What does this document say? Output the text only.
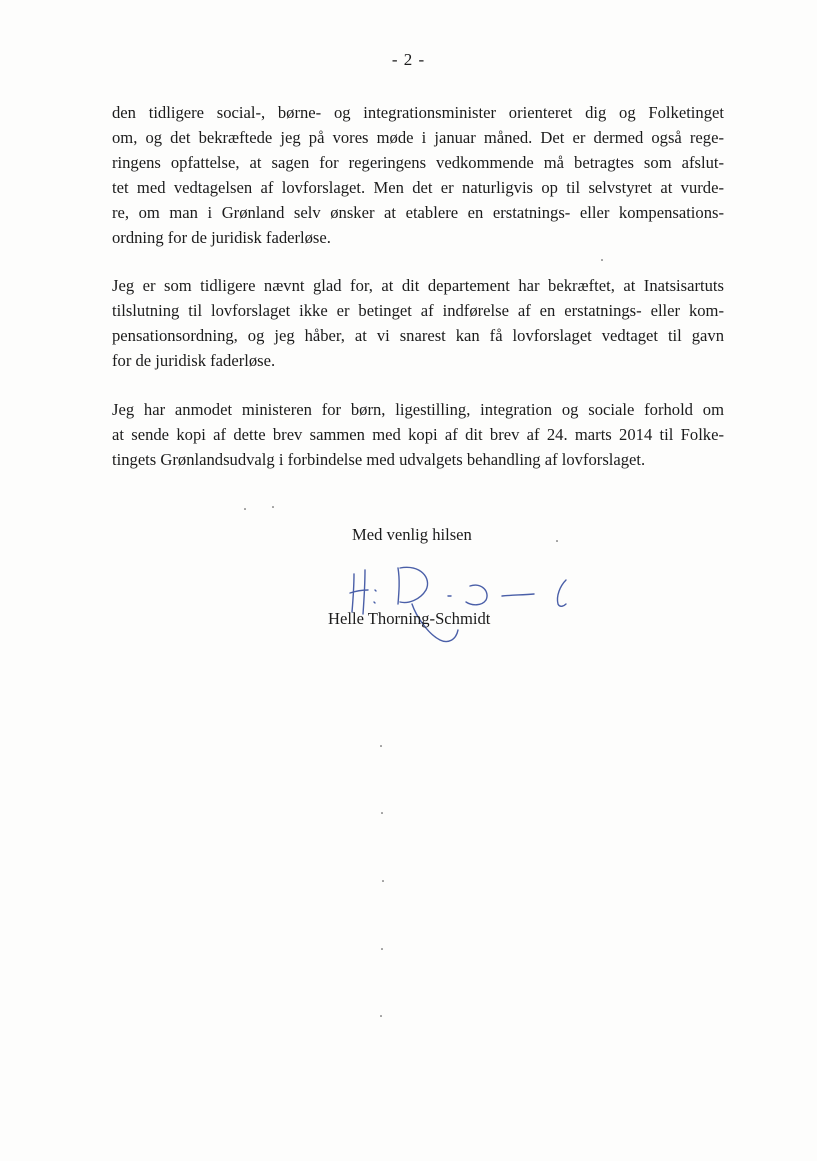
- 2 -
den tidligere social-, børne- og integrationsminister orienteret dig og Folketinget
om, og det bekræftede jeg på vores møde i januar måned. Det er dermed også rege-
ringens opfattelse, at sagen for regeringens vedkommende må betragtes som afslut-
tet med vedtagelsen af lovforslaget. Men det er naturligvis op til selvstyret at vurde-
re, om man i Grønland selv ønsker at etablere en erstatnings- eller kompensations-
ordning for de juridisk faderløse.
Jeg er som tidligere nævnt glad for, at dit departement har bekræftet, at Inatsisartuts
tilslutning til lovforslaget ikke er betinget af indførelse af en erstatnings- eller kom-
pensationsordning, og jeg håber, at vi snarest kan få lovforslaget vedtaget til gavn
for de juridisk faderløse.
Jeg har anmodet ministeren for børn, ligestilling, integration og sociale forhold om
at sende kopi af dette brev sammen med kopi af dit brev af 24. marts 2014 til Folke-
tingets Grønlandsudvalg i forbindelse med udvalgets behandling af lovforslaget.
Med venlig hilsen
Helle Thorning-Schmidt
